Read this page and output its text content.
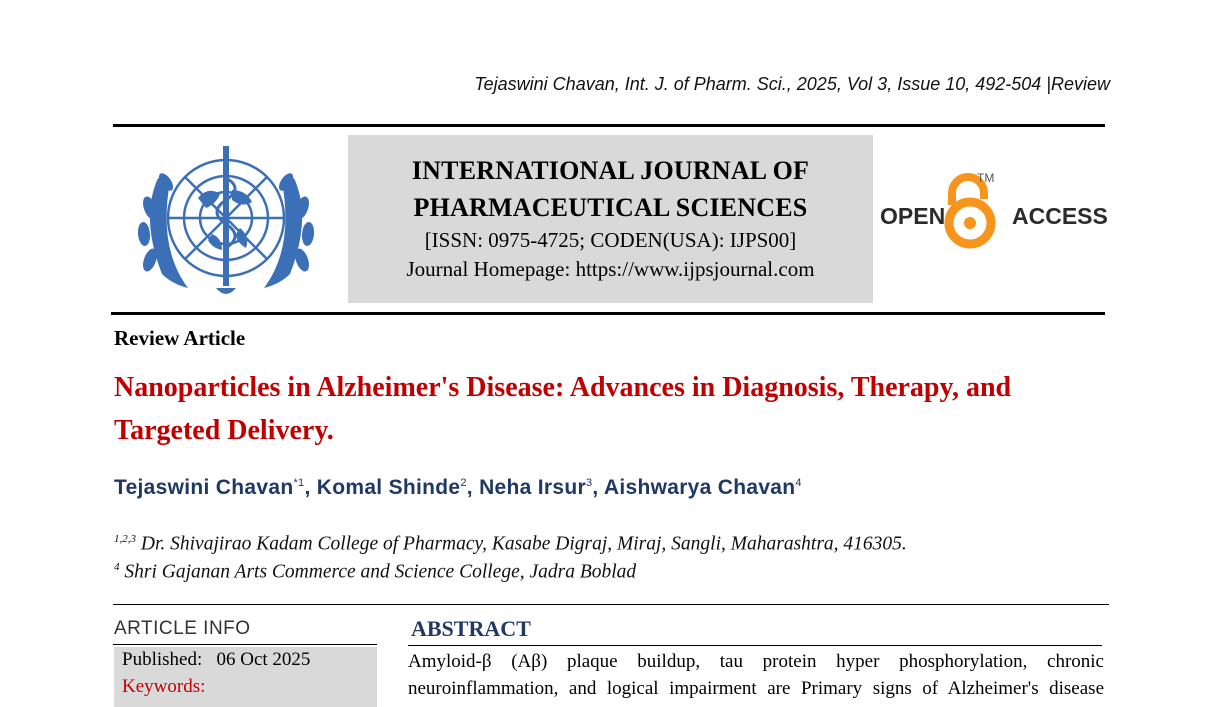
Tejaswini Chavan, Int. J. of Pharm. Sci., 2025, Vol 3, Issue 10, 492-504 |Review
INTERNATIONAL JOURNAL OF
PHARMACEUTICAL SCIENCES
[ISSN: 0975-4725; CODEN(USA): IJPS00]
Journal Homepage: https://www.ijpsjournal.com
OPEN
TM
ACCESS
Review Article
Nanoparticles in Alzheimer's Disease: Advances in Diagnosis, Therapy, and Targeted Delivery.
Tejaswini Chavan$^{*1}$, Komal Shinde$^2$, Neha Irsur$^3$, Aishwarya Chavan$^4$
$^{1,2,3}$ Dr. Shivajirao Kadam College of Pharmacy, Kasabe Digraj, Miraj, Sangli, Maharashtra, 416305.
$^4$ Shri Gajanan Arts Commerce and Science College, Jadra Boblad
ARTICLE INFO
Published: 06 Oct 2025
Keywords:
ABSTRACT
Amyloid-β (Aβ) plaque buildup, tau protein hyper phosphorylation, chronic
neuroinflammation, and logical impairment are Primary signs of Alzheimer's disease
